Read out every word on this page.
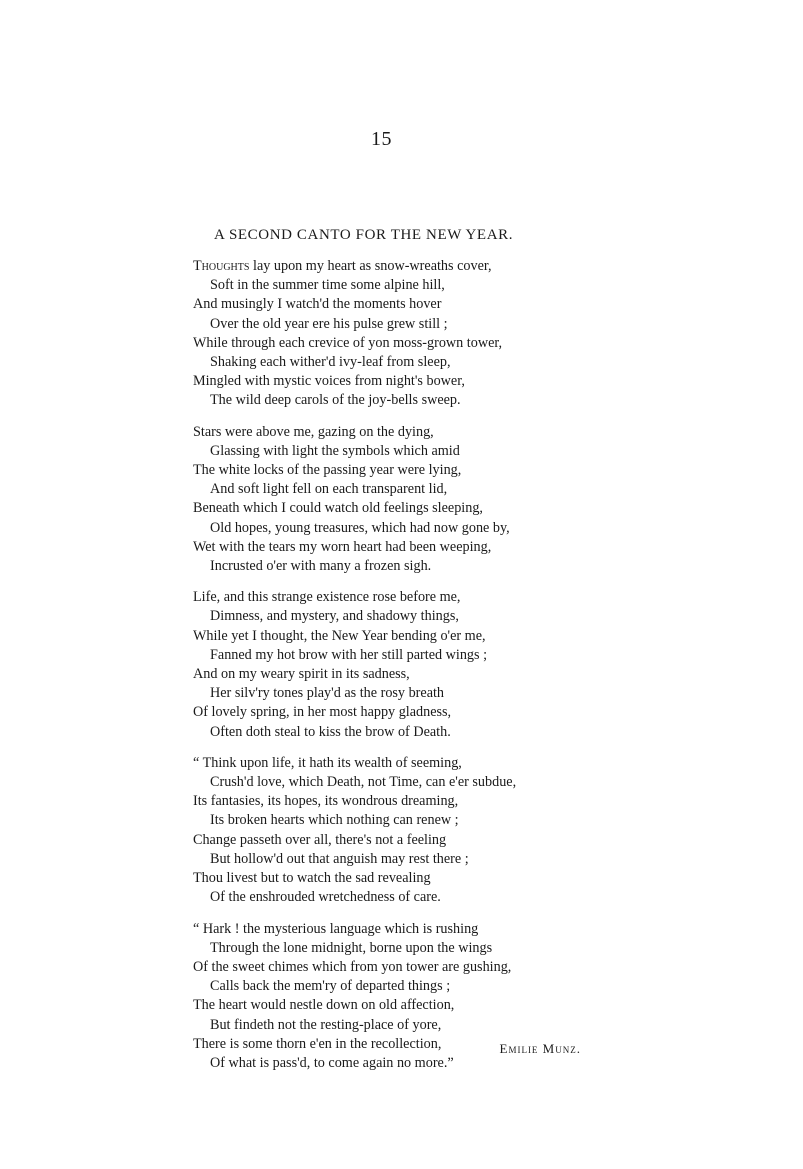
15
A SECOND CANTO FOR THE NEW YEAR.
Thoughts lay upon my heart as snow-wreaths cover,
Soft in the summer time some alpine hill,
And musingly I watch'd the moments hover
Over the old year ere his pulse grew still ;
While through each crevice of yon moss-grown tower,
Shaking each wither'd ivy-leaf from sleep,
Mingled with mystic voices from night's bower,
The wild deep carols of the joy-bells sweep.
Stars were above me, gazing on the dying,
Glassing with light the symbols which amid
The white locks of the passing year were lying,
And soft light fell on each transparent lid,
Beneath which I could watch old feelings sleeping,
Old hopes, young treasures, which had now gone by,
Wet with the tears my worn heart had been weeping,
Incrusted o'er with many a frozen sigh.
Life, and this strange existence rose before me,
Dimness, and mystery, and shadowy things,
While yet I thought, the New Year bending o'er me,
Fanned my hot brow with her still parted wings ;
And on my weary spirit in its sadness,
Her silv'ry tones play'd as the rosy breath
Of lovely spring, in her most happy gladness,
Often doth steal to kiss the brow of Death.
“ Think upon life, it hath its wealth of seeming,
Crush'd love, which Death, not Time, can e'er subdue,
Its fantasies, its hopes, its wondrous dreaming,
Its broken hearts which nothing can renew ;
Change passeth over all, there's not a feeling
But hollow'd out that anguish may rest there ;
Thou livest but to watch the sad revealing
Of the enshrouded wretchedness of care.
“ Hark ! the mysterious language which is rushing
Through the lone midnight, borne upon the wings
Of the sweet chimes which from yon tower are gushing,
Calls back the mem'ry of departed things ;
The heart would nestle down on old affection,
But findeth not the resting-place of yore,
There is some thorn e'en in the recollection,
Of what is pass'd, to come again no more.”
Emilie Munz.
